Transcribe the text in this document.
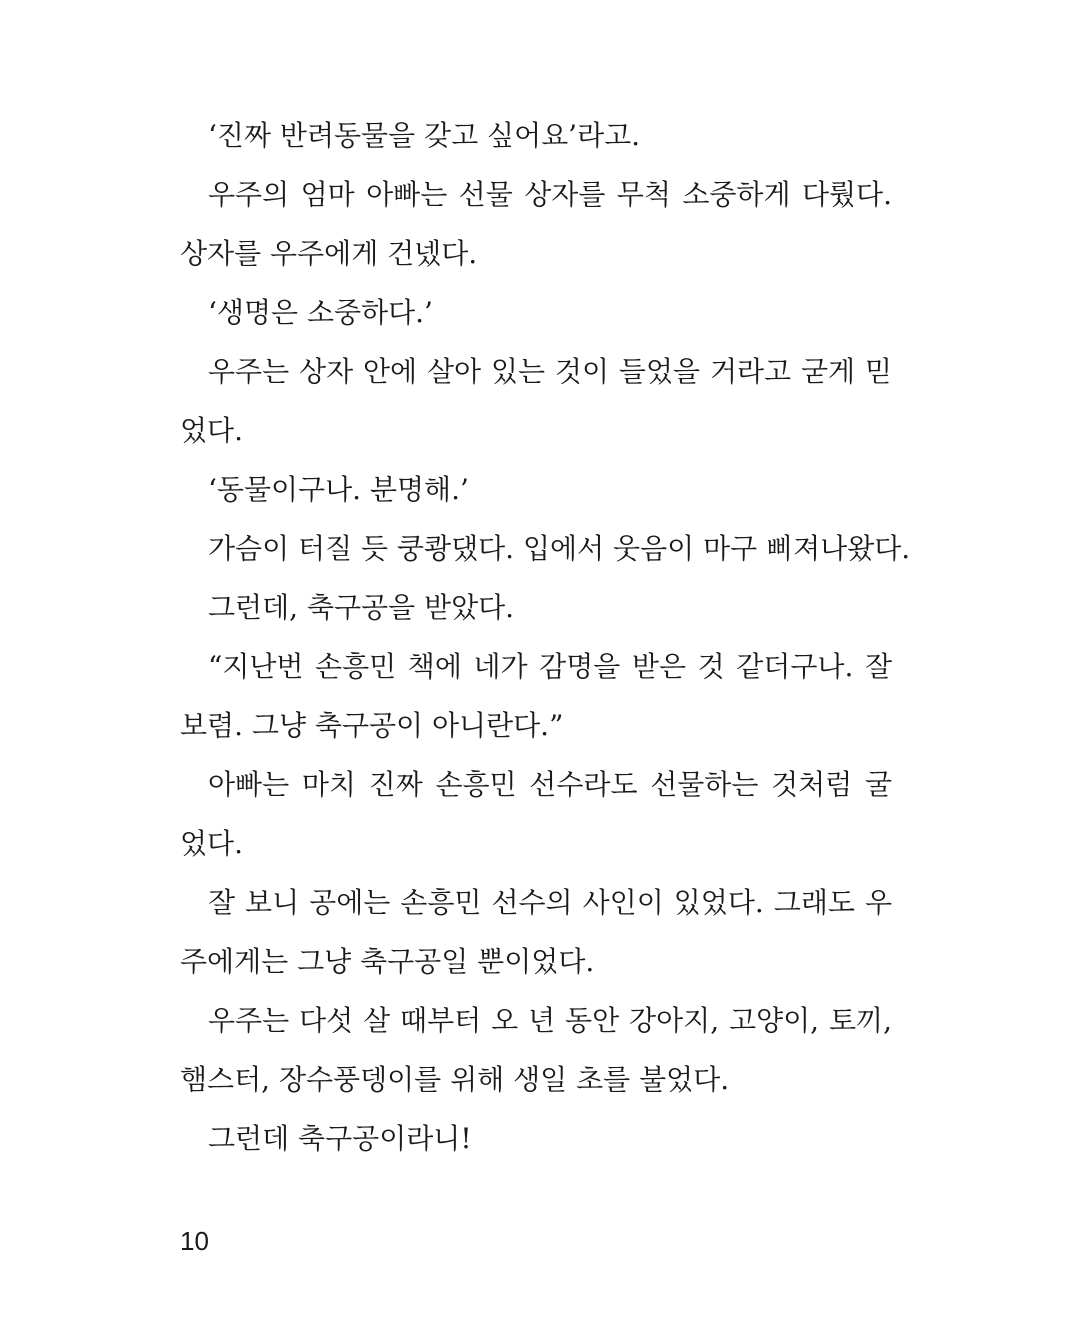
‘진짜 반려동물을 갖고 싶어요’라고.
우주의 엄마 아빠는 선물 상자를 무척 소중하게 다뤘다.
상자를 우주에게 건넸다.
‘생명은 소중하다.’
우주는 상자 안에 살아 있는 것이 들었을 거라고 굳게 믿
었다.
‘동물이구나. 분명해.’
가슴이 터질 듯 쿵쾅댔다. 입에서 웃음이 마구 삐져나왔다.
그런데, 축구공을 받았다.
“지난번 손흥민 책에 네가 감명을 받은 것 같더구나. 잘
보렴. 그냥 축구공이 아니란다.”
아빠는 마치 진짜 손흥민 선수라도 선물하는 것처럼 굴
었다.
잘 보니 공에는 손흥민 선수의 사인이 있었다. 그래도 우
주에게는 그냥 축구공일 뿐이었다.
우주는 다섯 살 때부터 오 년 동안 강아지, 고양이, 토끼,
햄스터, 장수풍뎅이를 위해 생일 초를 불었다.
그런데 축구공이라니!
10
